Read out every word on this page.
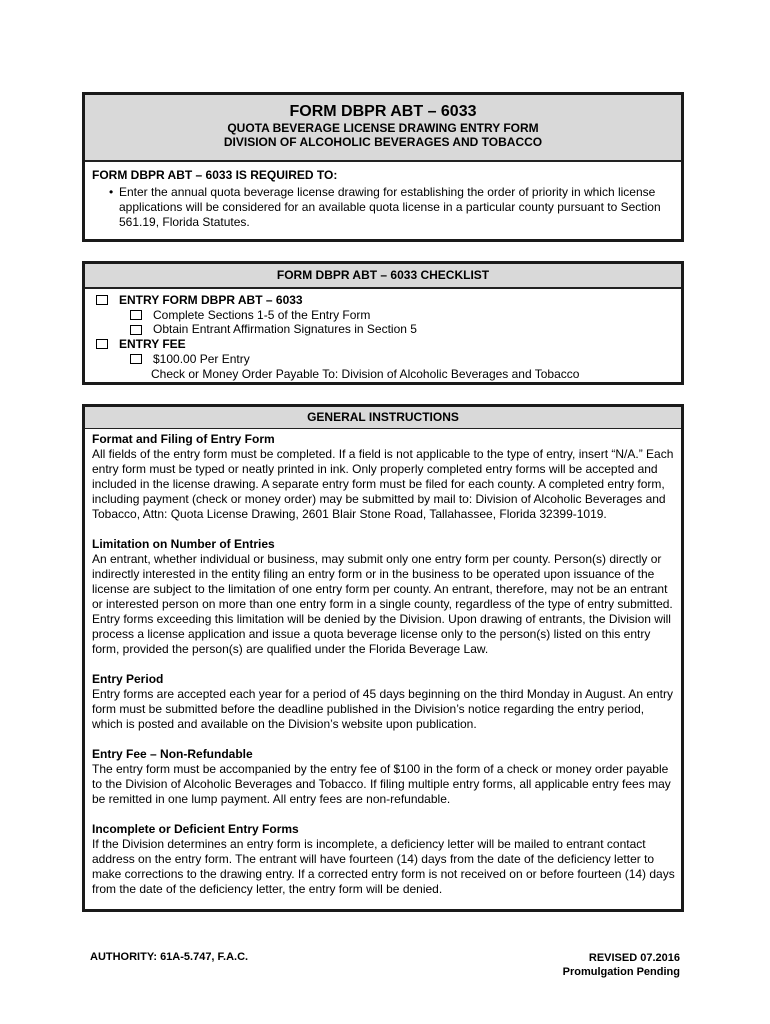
FORM DBPR ABT – 6033
QUOTA BEVERAGE LICENSE DRAWING ENTRY FORM
DIVISION OF ALCOHOLIC BEVERAGES AND TOBACCO
FORM DBPR ABT – 6033 IS REQUIRED TO:
• Enter the annual quota beverage license drawing for establishing the order of priority in which license applications will be considered for an available quota license in a particular county pursuant to Section 561.19, Florida Statutes.
FORM DBPR ABT – 6033 CHECKLIST
ENTRY FORM DBPR ABT – 6033
Complete Sections 1-5 of the Entry Form
Obtain Entrant Affirmation Signatures in Section 5
ENTRY FEE
$100.00 Per Entry
Check or Money Order Payable To: Division of Alcoholic Beverages and Tobacco
GENERAL INSTRUCTIONS

Format and Filing of Entry Form

All fields of the entry form must be completed. If a field is not applicable to the type of entry, insert “N/A.” Each entry form must be typed or neatly printed in ink. Only properly completed entry forms will be accepted and included in the license drawing. A separate entry form must be filed for each county. A completed entry form, including payment (check or money order) may be submitted by mail to: Division of Alcoholic Beverages and Tobacco, Attn: Quota License Drawing, 2601 Blair Stone Road, Tallahassee, Florida 32399-1019.

Limitation on Number of Entries

An entrant, whether individual or business, may submit only one entry form per county. Person(s) directly or indirectly interested in the entity filing an entry form or in the business to be operated upon issuance of the license are subject to the limitation of one entry form per county. An entrant, therefore, may not be an entrant or interested person on more than one entry form in a single county, regardless of the type of entry submitted. Entry forms exceeding this limitation will be denied by the Division. Upon drawing of entrants, the Division will process a license application and issue a quota beverage license only to the person(s) listed on this entry form, provided the person(s) are qualified under the Florida Beverage Law.

Entry Period

Entry forms are accepted each year for a period of 45 days beginning on the third Monday in August. An entry form must be submitted before the deadline published in the Division’s notice regarding the entry period, which is posted and available on the Division’s website upon publication.

Entry Fee – Non-Refundable

The entry form must be accompanied by the entry fee of $100 in the form of a check or money order payable to the Division of Alcoholic Beverages and Tobacco. If filing multiple entry forms, all applicable entry fees may be remitted in one lump payment. All entry fees are non-refundable.

Incomplete or Deficient Entry Forms

If the Division determines an entry form is incomplete, a deficiency letter will be mailed to entrant contact address on the entry form. The entrant will have fourteen (14) days from the date of the deficiency letter to make corrections to the drawing entry. If a corrected entry form is not received on or before fourteen (14) days from the date of the deficiency letter, the entry form will be denied.

AUTHORITY: 61A-5.747, F.A.C.	REVISED 07.2016
Promulgation Pending
